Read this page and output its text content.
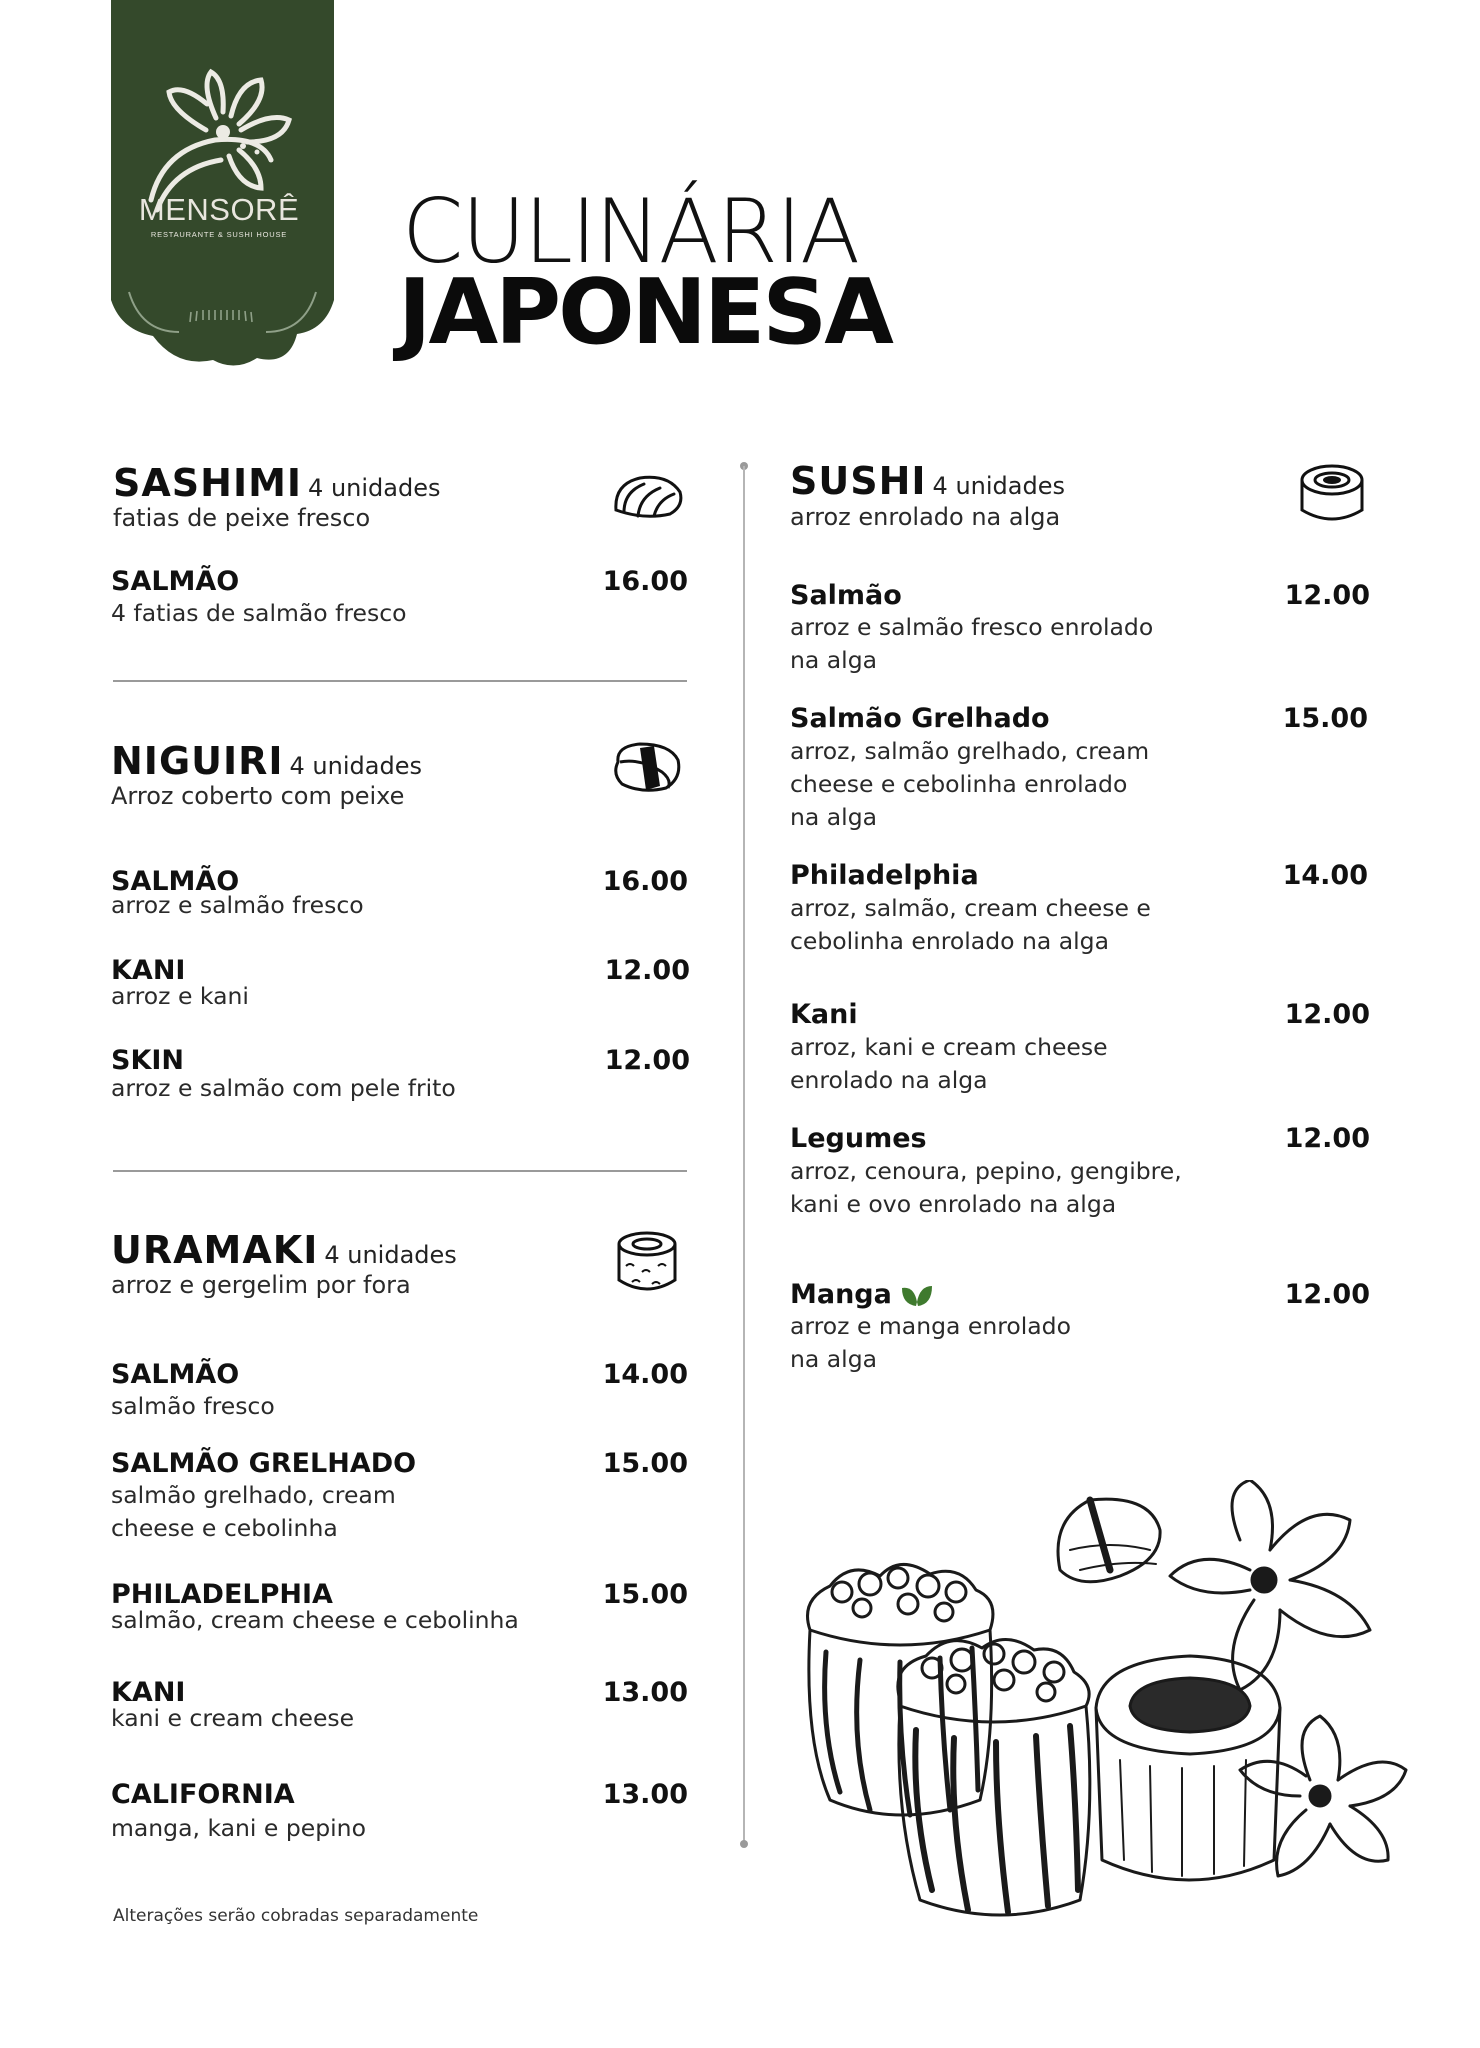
MENSORÊ
RESTAURANTE & SUSHI HOUSE CULINÁRIA
JAPONESA
SASHIMI 4 unidades
fatias de peixe fresco
SALMÃO	16.00
4 fatias de salmão fresco
NIGUIRI 4 unidades
Arroz coberto com peixe
SALMÃO	16.00
arroz e salmão fresco
KANI	12.00
arroz e kani
SKIN	12.00
arroz e salmão com pele frito
URAMAKI 4 unidades
arroz e gergelim por fora
SALMÃO	14.00
salmão fresco
SALMÃO GRELHADO	15.00
salmão grelhado, cream
cheese e cebolinha
PHILADELPHIA	15.00
salmão, cream cheese e cebolinha
KANI	13.00
kani e cream cheese
CALIFORNIA	13.00
manga, kani e pepino
SUSHI 4 unidades
arroz enrolado na alga
Salmão	12.00
arroz e salmão fresco enrolado
na alga
Salmão Grelhado	15.00
arroz, salmão grelhado, cream
cheese e cebolinha enrolado
na alga
Philadelphia	14.00
arroz, salmão, cream cheese e
cebolinha enrolado na alga
Kani	12.00
arroz, kani e cream cheese
enrolado na alga
Legumes	12.00
arroz, cenoura, pepino, gengibre,
kani e ovo enrolado na alga
Manga	12.00
arroz e manga enrolado
na alga
Alterações serão cobradas separadamente
